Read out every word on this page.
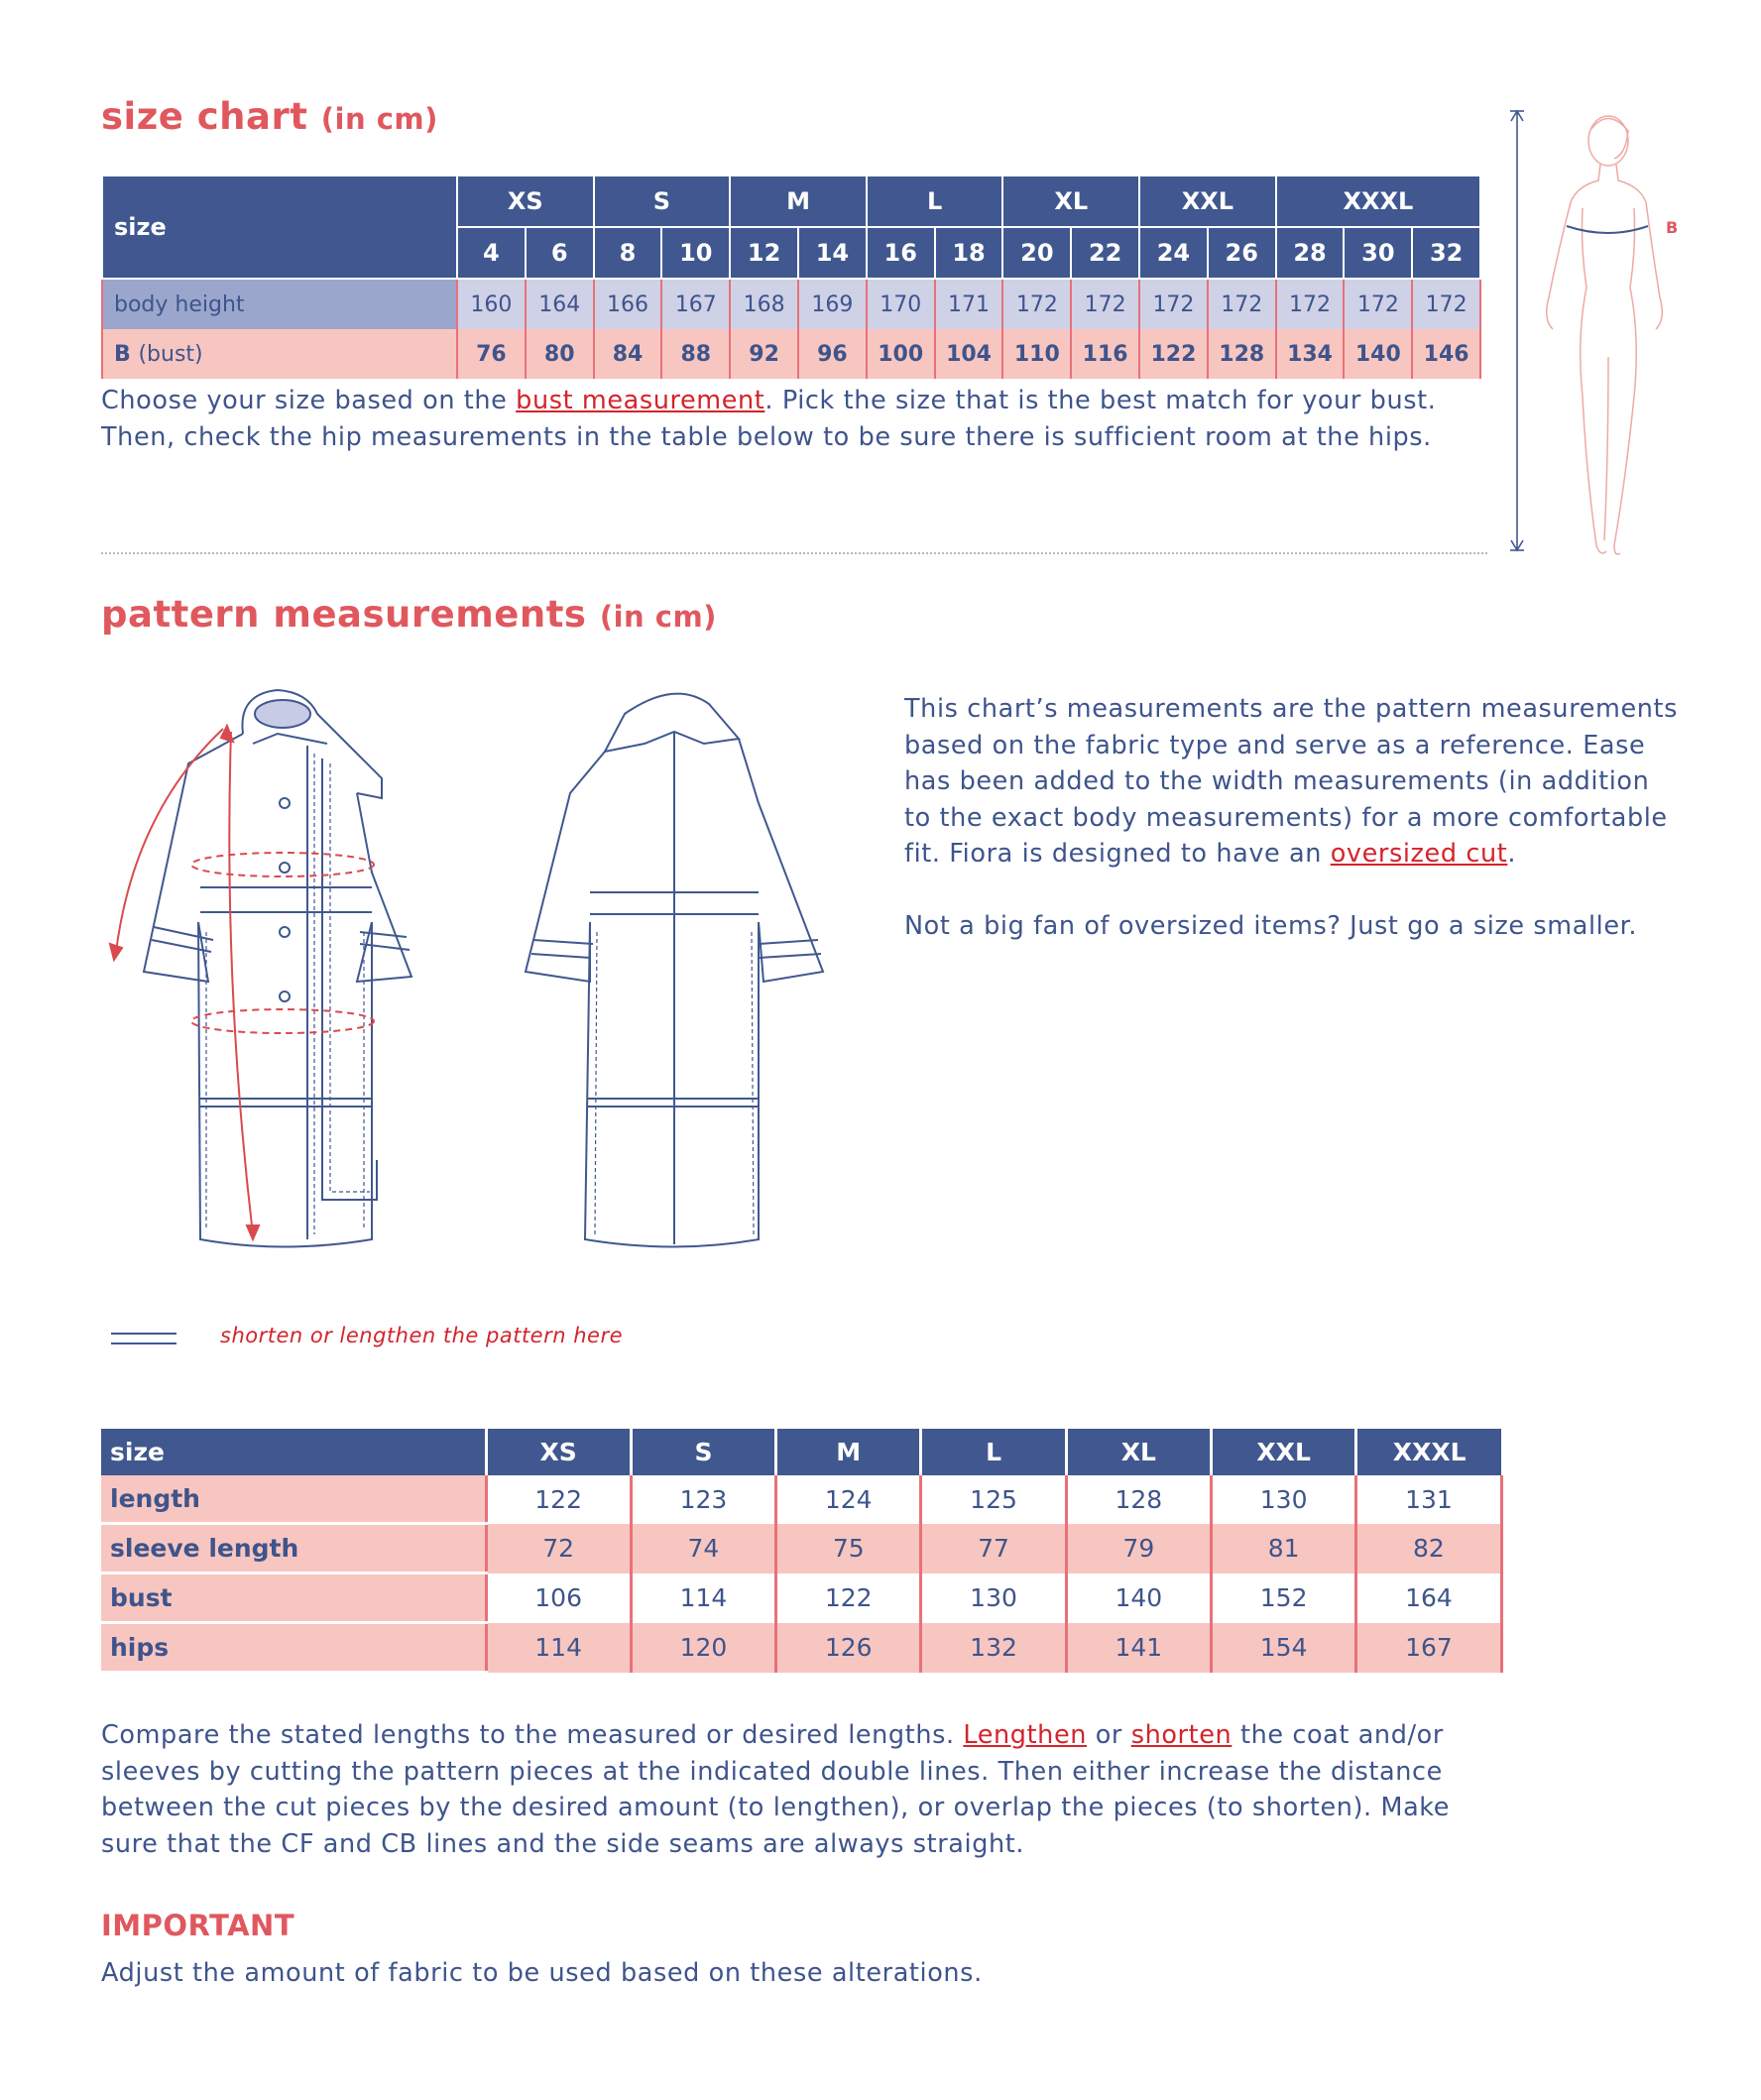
size chart (in cm)
size	XS		S		M		L		XL		XXL		XXXL		
	4	6	8	10	12	14	16	18	20	22	24	26	28	30	32
body height	160	164	166	167	168	169	170	171	172	172	172	172	172	172	172
B (bust)	76	80	84	88	92	96	100	104	110	116	122	128	134	140	146
Choose your size based on the bust measurement. Pick the size that is the best match for your bust.
Then, check the hip measurements in the table below to be sure there is sufficient room at the hips.
B
pattern measurements (in cm)
This chart’s measurements are the pattern measurements
based on the fabric type and serve as a reference. Ease
has been added to the width measurements (in addition
to the exact body measurements) for a more comfortable
fit. Fiora is designed to have an oversized cut.
Not a big fan of oversized items? Just go a size smaller.
shorten or lengthen the pattern here
size	XS	S	M	L	XL	XXL	XXXL
length	122	123	124	125	128	130	131
sleeve length	72	74	75	77	79	81	82
bust	106	114	122	130	140	152	164
hips	114	120	126	132	141	154	167
Compare the stated lengths to the measured or desired lengths. Lengthen or shorten the coat and/or
sleeves by cutting the pattern pieces at the indicated double lines. Then either increase the distance
between the cut pieces by the desired amount (to lengthen), or overlap the pieces (to shorten). Make
sure that the CF and CB lines and the side seams are always straight.
IMPORTANT
Adjust the amount of fabric to be used based on these alterations.
